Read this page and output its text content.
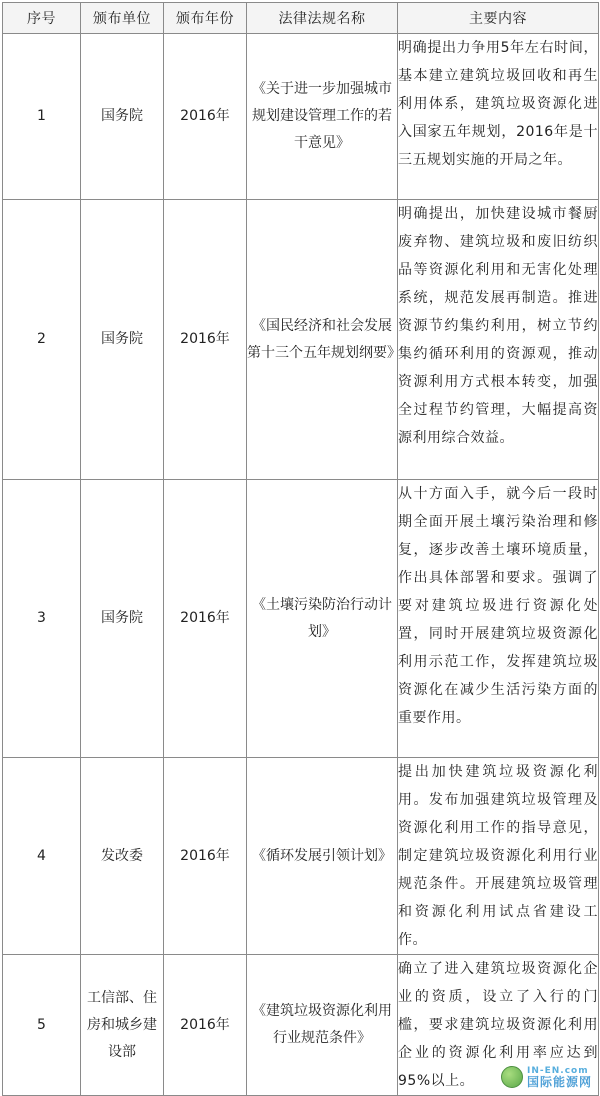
序号	颁布单位	颁布年份	法律法规名称	主要内容
1	国务院	2016年	《关于进一步加强城市规划建设管理工作的若干意见》	明确提出力争用5年左右时间，基本建立建筑垃圾回收和再生利用体系，建筑垃圾资源化进入国家五年规划，2016年是十三五规划实施的开局之年。
2	国务院	2016年	《国民经济和社会发展第十三个五年规划纲要》	明确提出，加快建设城市餐厨废弃物、建筑垃圾和废旧纺织品等资源化利用和无害化处理系统，规范发展再制造。推进资源节约集约利用，树立节约集约循环利用的资源观，推动资源利用方式根本转变，加强全过程节约管理，大幅提高资源利用综合效益。
3	国务院	2016年	《土壤污染防治行动计划》	从十方面入手，就今后一段时期全面开展土壤污染治理和修复，逐步改善土壤环境质量，作出具体部署和要求。强调了要对建筑垃圾进行资源化处置，同时开展建筑垃圾资源化利用示范工作，发挥建筑垃圾资源化在减少生活污染方面的重要作用。
4	发改委	2016年	《循环发展引领计划》	提出加快建筑垃圾资源化利用。发布加强建筑垃圾管理及资源化利用工作的指导意见，制定建筑垃圾资源化利用行业规范条件。开展建筑垃圾管理和资源化利用试点省建设工作。
5	工信部、住房和城乡建设部	2016年	《建筑垃圾资源化利用行业规范条件》	确立了进入建筑垃圾资源化企业的资质，设立了入行的门槛，要求建筑垃圾资源化利用企业的资源化利用率应达到95%以上。
IN-EN.com
国际能源网
